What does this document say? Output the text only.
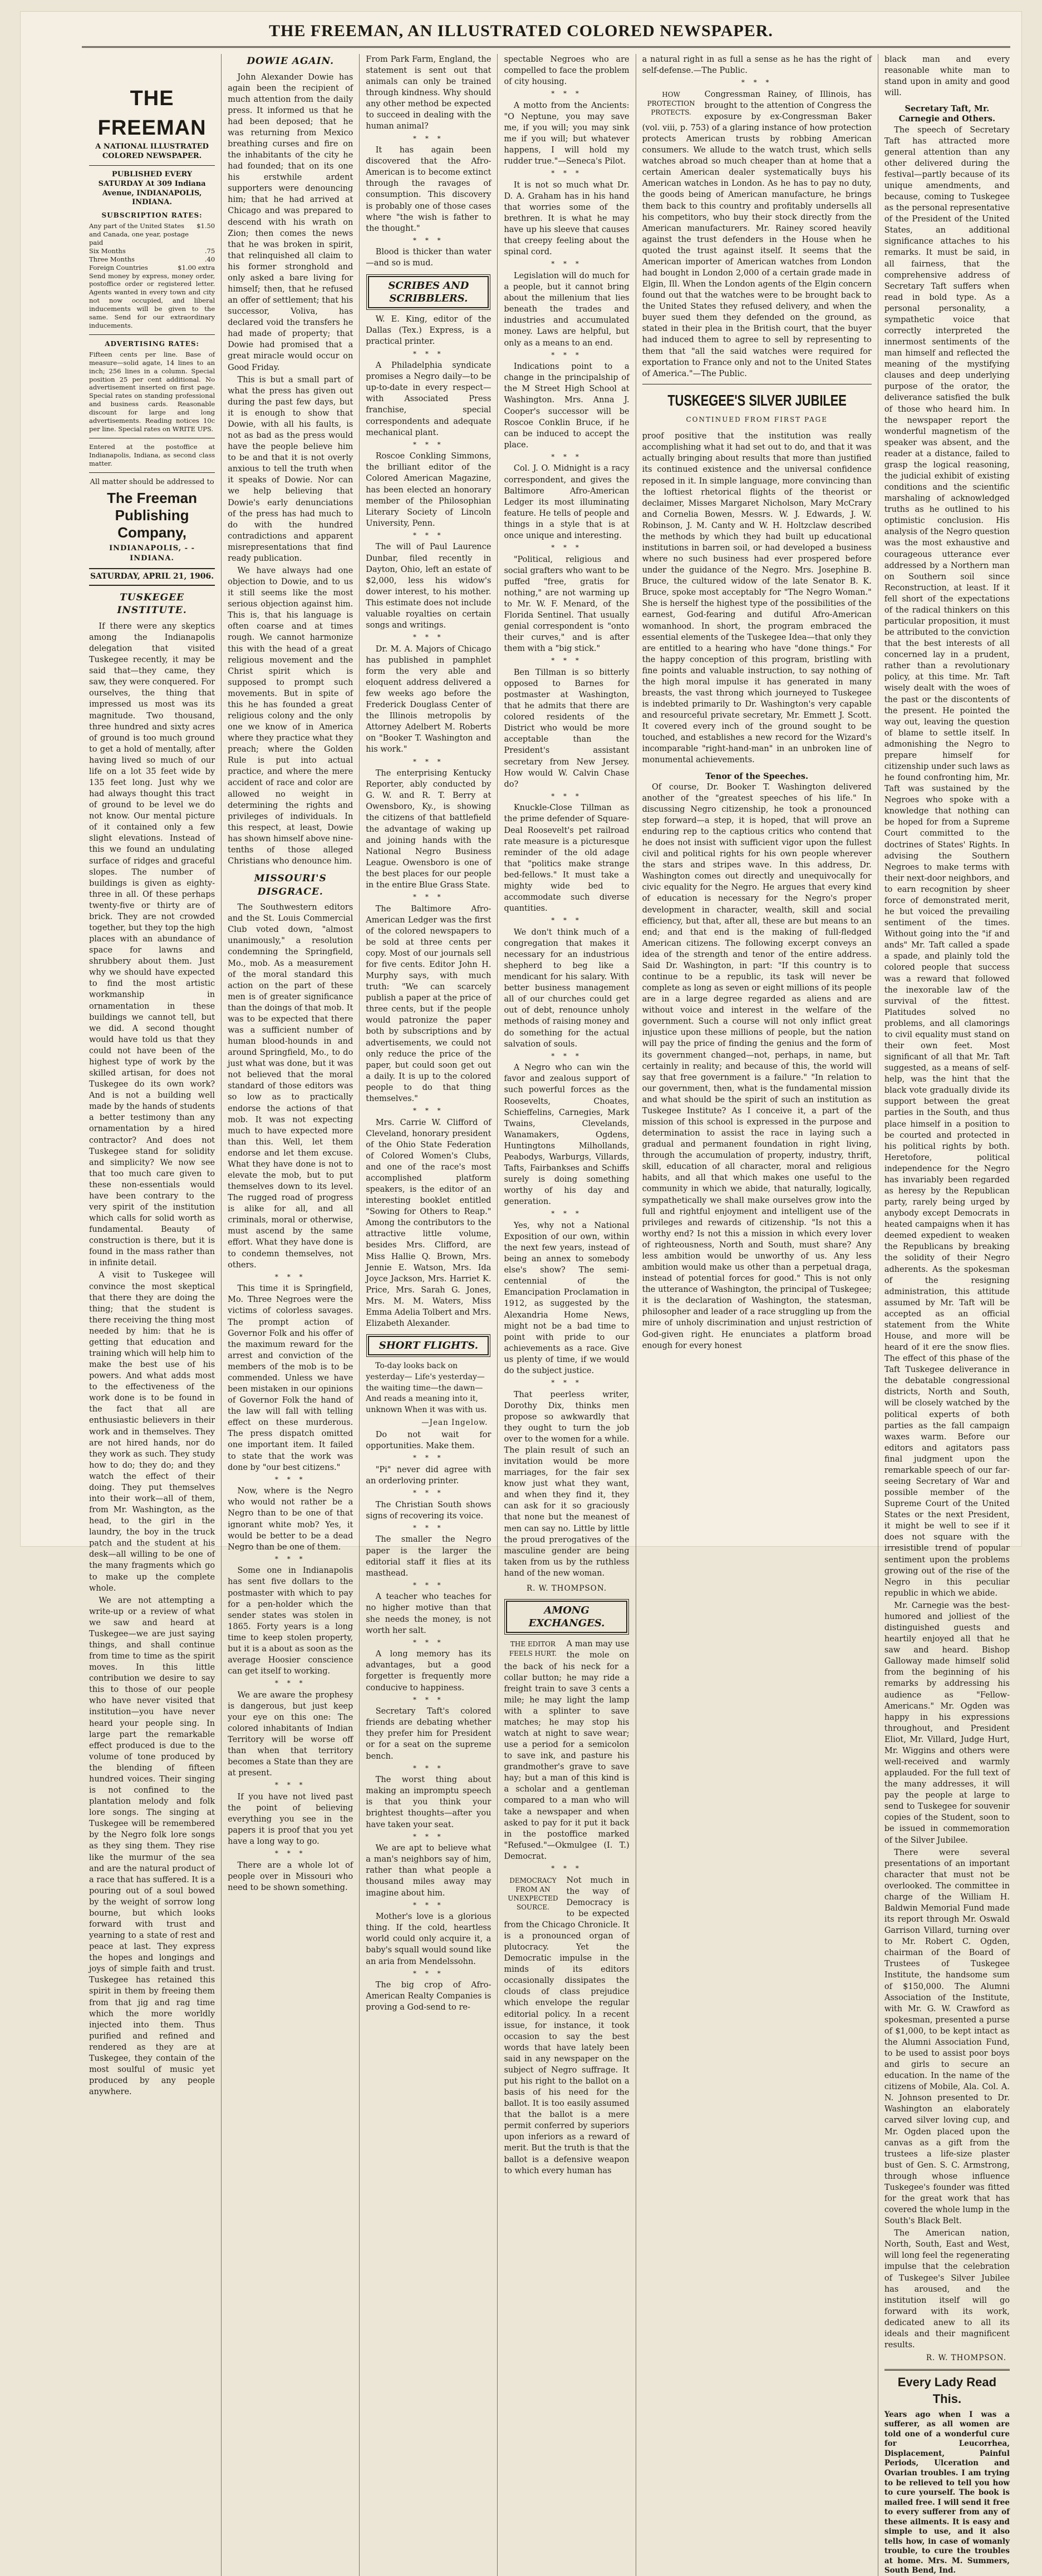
THE FREEMAN, AN ILLUSTRATED COLORED NEWSPAPER.
THE FREEMAN
A NATIONAL ILLUSTRATED COLORED NEWSPAPER.
PUBLISHED EVERY SATURDAY At 309 Indiana Avenue, INDIANAPOLIS, INDIANA.
SUBSCRIPTION RATES:
Any part of the United States and Canada, one year, postage paid
$1.50
Six Months	.75
Three Months	.40
Foreign Countries	$1.00 extra
Send money by express, money order, postoffice order or registered letter. Agents wanted in every town and city not now occupied, and liberal inducements will be given to the same. Send for our extraordinary inducements.
ADVERTISING RATES:
Fifteen cents per line. Base of measure—solid agate, 14 lines to an inch; 256 lines in a column. Special position 25 per cent additional. No advertisement inserted on first page. Special rates on standing professional and business cards. Reasonable discount for large and long advertisements. Reading notices 10c per line. Special rates on WRITE UPS.
Entered at the postoffice at Indianapolis, Indiana, as second class matter.
All matter should be addressed to
The Freeman Publishing Company,
INDIANAPOLIS, - - INDIANA.
SATURDAY, APRIL 21, 1906.
TUSKEGEE INSTITUTE.

If there were any skeptics among the Indianapolis delegation that visited Tuskegee recently, it may be said that—they came, they saw, they were conquered. For ourselves, the thing that impressed us most was its magnitude. Two thousand, three hundred and sixty acres of ground is too much ground to get a hold of mentally, after having lived so much of our life on a lot 35 feet wide by 135 feet long. Just why we had always thought this tract of ground to be level we do not know. Our mental picture of it contained only a few slight elevations. Instead of this we found an undulating surface of ridges and graceful slopes. The number of buildings is given as eighty-three in all. Of these perhaps twenty-five or thirty are of brick. They are not crowded together, but they top the high places with an abundance of space for lawns and shrubbery about them. Just why we should have expected to find the most artistic workmanship in ornamentation in these buildings we cannot tell, but we did. A second thought would have told us that they could not have been of the highest type of work by the skilled artisan, for does not Tuskegee do its own work? And is not a building well made by the hands of students a better testimony than any ornamentation by a hired contractor? And does not Tuskegee stand for solidity and simplicity? We now see that too much care given to these non-essentials would have been contrary to the very spirit of the institution which calls for solid worth as fundamental. Beauty of construction is there, but it is found in the mass rather than in infinite detail.

A visit to Tuskegee will convince the most skeptical that there they are doing the thing; that the student is there receiving the thing most needed by him: that he is getting that education and training which will help him to make the best use of his powers. And what adds most to the effectiveness of the work done is to be found in the fact that all are enthusiastic believers in their work and in themselves. They are not hired hands, nor do they work as such. They study how to do; they do; and they watch the effect of their doing. They put themselves into their work—all of them, from Mr. Washington, as the head, to the girl in the laundry, the boy in the truck patch and the student at his desk—all willing to be one of the many fragments which go to make up the complete whole.

We are not attempting a write-up or a review of what we saw and heard at Tuskegee—we are just saying things, and shall continue from time to time as the spirit moves. In this little contribution we desire to say this to those of our people who have never visited that institution—you have never heard your people sing. In large part the remarkable effect produced is due to the volume of tone produced by the blending of fifteen hundred voices. Their singing is not confined to the plantation melody and folk lore songs. The singing at Tuskegee will be remembered by the Negro folk lore songs as they sing them. They rise like the murmur of the sea and are the natural product of a race that has suffered. It is a pouring out of a soul bowed by the weight of sorrow long bourne, but which looks forward with trust and yearning to a state of rest and peace at last. They express the hopes and longings and joys of simple faith and trust. Tuskegee has retained this spirit in them by freeing them from that jig and rag time which the more worldly injected into them. Thus purified and refined and rendered as they are at Tuskegee, they contain of the most soulful of music yet produced by any people anywhere.

DOWIE AGAIN.

John Alexander Dowie has again been the recipient of much attention from the daily press. It informed us that he had been deposed; that he was returning from Mexico breathing curses and fire on the inhabitants of the city he had founded; that on its one his erstwhile ardent supporters were denouncing him; that he had arrived at Chicago and was prepared to descend with his wrath on Zion; then comes the news that he was broken in spirit, that relinquished all claim to his former stronghold and only asked a bare living for himself; then, that he refused an offer of settlement; that his successor, Voliva, has declared void the transfers he had made of property; that Dowie had promised that a great miracle would occur on Good Friday.

This is but a small part of what the press has given out during the past few days, but it is enough to show that Dowie, with all his faults, is not as bad as the press would have the people believe him to be and that it is not overly anxious to tell the truth when it speaks of Dowie. Nor can we help believing that Dowie's early denunciations of the press has had much to do with the hundred contradictions and apparent misrepresentations that find ready publication.

We have always had one objection to Dowie, and to us it still seems like the most serious objection against him. This is, that his language is often coarse and at times rough. We cannot harmonize this with the head of a great religious movement and the Christ spirit which is supposed to prompt such movements. But in spite of this he has founded a great religious colony and the only one we know of in America where they practice what they preach; where the Golden Rule is put into actual practice, and where the mere accident of race and color are allowed no weight in determining the rights and privileges of individuals. In this respect, at least, Dowie has shown himself above nine-tenths of those alleged Christians who denounce him.

MISSOURI'S DISGRACE.

The Southwestern editors and the St. Louis Commercial Club voted down, "almost unanimously," a resolution condemning the Springfield, Mo., mob. As a measurement of the moral standard this action on the part of these men is of greater significance than the doings of that mob. It was to be expected that there was a sufficient number of human blood-hounds in and around Springfield, Mo., to do just what was done, but it was not believed that the moral standard of those editors was so low as to practically endorse the actions of that mob. It was not expecting much to have expected more than this. Well, let them endorse and let them excuse. What they have done is not to elevate the mob, but to put themselves down to its level. The rugged road of progress is alike for all, and all criminals, moral or otherwise, must ascend by the same effort. What they have done is to condemn themselves, not others.

* * *

This time it is Springfield, Mo. Three Negroes were the victims of colorless savages. The prompt action of Governor Folk and his offer of the maximum reward for the arrest and conviction of the members of the mob is to be commended. Unless we have been mistaken in our opinions of Governor Folk the hand of the law will fall with telling effect on these murderous. The press dispatch omitted one important item. It failed to state that the work was done by "our best citizens."

* * *

Now, where is the Negro who would not rather be a Negro than to be one of that ignorant white mob? Yes, it would be better to be a dead Negro than be one of them.

* * *

Some one in Indianapolis has sent five dollars to the postmaster with which to pay for a pen-holder which the sender states was stolen in 1865. Forty years is a long time to keep stolen property, but it is a about as soon as the average Hoosier conscience can get itself to working.

* * *

We are aware the prophesy is dangerous, but just keep your eye on this one: The colored inhabitants of Indian Territory will be worse off than when that territory becomes a State than they are at present.

* * *

If you have not lived past the point of believing everything you see in the papers it is proof that you yet have a long way to go.

* * *

There are a whole lot of people over in Missouri who need to be shown something.

From Park Farm, England, the statement is sent out that animals can only be trained through kindness. Why should any other method be expected to succeed in dealing with the human animal?

* * *

It has again been discovered that the Afro-American is to become extinct through the ravages of consumption. This discovery is probably one of those cases where "the wish is father to the thought."

* * *

Blood is thicker than water—and so is mud.

SCRIBES AND SCRIBBLERS.

W. E. King, editor of the Dallas (Tex.) Express, is a practical printer.

* * *

A Philadelphia syndicate promises a Negro daily—to be up-to-date in every respect—with Associated Press franchise, special correspondents and adequate mechanical plant.

* * *

Roscoe Conkling Simmons, the brilliant editor of the Colored American Magazine, has been elected an honorary member of the Philosophian Literary Society of Lincoln University, Penn.

* * *

The will of Paul Laurence Dunbar, filed recently in Dayton, Ohio, left an estate of $2,000, less his widow's dower interest, to his mother. This estimate does not include valuable royalties on certain songs and writings.

* * *

Dr. M. A. Majors of Chicago has published in pamphlet form the very able and eloquent address delivered a few weeks ago before the Frederick Douglass Center of the Illinois metropolis by Attorney Adelbert M. Roberts on "Booker T. Washington and his work."

* * *

The enterprising Kentucky Reporter, ably conducted by G. W. and R. T. Berry at Owensboro, Ky., is showing the citizens of that battlefield the advantage of waking up and joining hands with the National Negro Business League. Owensboro is one of the best places for our people in the entire Blue Grass State.

* * *

The Baltimore Afro-American Ledger was the first of the colored newspapers to be sold at three cents per copy. Most of our journals sell for five cents. Editor John H. Murphy says, with much truth: "We can scarcely publish a paper at the price of three cents, but if the people would patronize the paper both by subscriptions and by advertisements, we could not only reduce the price of the paper, but could soon get out a daily. It is up to the colored people to do that thing themselves."

* * *

Mrs. Carrie W. Clifford of Cleveland, honorary president of the Ohio State Federation of Colored Women's Clubs, and one of the race's most accomplished platform speakers, is the editor of an interesting booklet entitled "Sowing for Others to Reap." Among the contributors to the attractive little volume, besides Mrs. Clifford, are Miss Hallie Q. Brown, Mrs. Jennie E. Watson, Mrs. Ida Joyce Jackson, Mrs. Harriet K. Price, Mrs. Sarah G. Jones, Mrs. M. M. Waters, Miss Emma Adelia Tolbert and Mrs. Elizabeth Alexander.

SHORT FLIGHTS.

To-day looks back on yesterday— Life's yesterday—the waiting time—the dawn— And reads a meaning into it, unknown When it was with us.

—Jean Ingelow.

Do not wait for opportunities. Make them.

* * *

"Pi" never did agree with an orderloving printer.

* * *

The Christian South shows signs of recovering its voice.

* * *

The smaller the Negro paper is the larger the editorial staff it flies at its masthead.

* * *

A teacher who teaches for no higher motive than that she needs the money, is not worth her salt.

* * *

A long memory has its advantages, but a good forgetter is frequently more conducive to happiness.

* * *

Secretary Taft's colored friends are debating whether they prefer him for President or for a seat on the supreme bench.

* * *

The worst thing about making an impromptu speech is that you think your brightest thoughts—after you have taken your seat.

* * *

We are apt to believe what a man's neighbors say of him, rather than what people a thousand miles away may imagine about him.

* * *

Mother's love is a glorious thing. If the cold, heartless world could only acquire it, a baby's squall would sound like an aria from Mendelssohn.

* * *

The big crop of Afro-American Realty Companies is proving a God-send to re-

spectable Negroes who are compelled to face the problem of city housing.

* * *

A motto from the Ancients: "O Neptune, you may save me, if you will; you may sink me if you will; but whatever happens, I will hold my rudder true."—Seneca's Pilot.

* * *

It is not so much what Dr. D. A. Graham has in his hand that worries some of the brethren. It is what he may have up his sleeve that causes that creepy feeling about the spinal cord.

* * *

Legislation will do much for a people, but it cannot bring about the millenium that lies beneath the trades and industries and accumulated money. Laws are helpful, but only as a means to an end.

* * *

Indications point to a change in the principalship of the M Street High School at Washington. Mrs. Anna J. Cooper's successor will be Roscoe Conklin Bruce, if he can be induced to accept the place.

* * *

Col. J. O. Midnight is a racy correspondent, and gives the Baltimore Afro-American Ledger its most illuminating feature. He tells of people and things in a style that is at once unique and interesting.

* * *

"Political, religious and social grafters who want to be puffed "free, gratis for nothing," are not warming up to Mr. W. F. Menard, of the Florida Sentinel. That usually genial correspondent is "onto their curves," and is after them with a "big stick."

* * *

Ben Tillman is so bitterly opposed to Barnes for postmaster at Washington, that he admits that there are colored residents of the District who would be more acceptable than the President's assistant secretary from New Jersey. How would W. Calvin Chase do?

* * *

Knuckle-Close Tillman as the prime defender of Square-Deal Roosevelt's pet railroad rate measure is a picturesque reminder of the old adage that "politics make strange bed-fellows." It must take a mighty wide bed to accommodate such diverse quantities.

* * *

We don't think much of a congregation that makes it necessary for an industrious shepherd to beg like a mendicant for his salary. With better business management all of our churches could get out of debt, renounce unholy methods of raising money and do something for the actual salvation of souls.

* * *

A Negro who can win the favor and zealous support of such powerful forces as the Roosevelts, Choates, Schieffelins, Carnegies, Mark Twains, Clevelands, Wanamakers, Ogdens, Huntingtons Milhollands, Peabodys, Warburgs, Villards, Tafts, Fairbankses and Schiffs surely is doing something worthy of his day and generation.

* * *

Yes, why not a National Exposition of our own, within the next few years, instead of being an annex to somebody else's show? The semi-centennial of the Emancipation Proclamation in 1912, as suggested by the Alexandria Home News, might not be a bad time to point with pride to our achievements as a race. Give us plenty of time, if we would do the subject justice.

* * *

That peerless writer, Dorothy Dix, thinks men propose so awkwardly that they ought to turn the job over to the women for a while. The plain result of such an invitation would be more marriages, for the fair sex know just what they want, and when they find it, they can ask for it so graciously that none but the meanest of men can say no. Little by little the proud prerogatives of the masculine gender are being taken from us by the ruthless hand of the new woman.

R. W. THOMPSON.
AMONG EXCHANGES.

THE EDITOR FEELS HURT.
A man may use the mole on the back of his neck for a collar button; he may ride a freight train to save 3 cents a mile; he may light the lamp with a splinter to save matches; he may stop his watch at night to save wear; use a period for a semicolon to save ink, and pasture his grandmother's grave to save hay; but a man of this kind is a scholar and a gentleman compared to a man who will take a newspaper and when asked to pay for it put it back in the postoffice marked "Refused."—Okmulgee (I. T.) Democrat.

* * *

DEMOCRACY FROM AN UNEXPECTED SOURCE.
Not much in the way of Democracy is to be expected from the Chicago Chronicle. It is a pronounced organ of plutocracy. Yet the Democratic impulse in the minds of its editors occasionally dissipates the clouds of class prejudice which envelope the regular editorial policy. In a recent issue, for instance, it took occasion to say the best words that have lately been said in any newspaper on the subject of Negro suffrage. It put his right to the ballot on a basis of his need for the ballot. It is too easily assumed that the ballot is a mere permit conferred by superiors upon inferiors as a reward of merit. But the truth is that the ballot is a defensive weapon to which every human has

a natural right in as full a sense as he has the right of self-defense.—The Public.

* * *

HOW PROTECTION PROTECTS.
Congressman Rainey, of Illinois, has brought to the attention of Congress the exposure by ex-Congressman Baker (vol. viii, p. 753) of a glaring instance of how protection protects American trusts by robbing American consumers. We allude to the watch trust, which sells watches abroad so much cheaper than at home that a certain American dealer systematically buys his American watches in London. As he has to pay no duty, the goods being of American manufacture, he brings them back to this country and profitably undersells all his competitors, who buy their stock directly from the American manufacturers. Mr. Rainey scored heavily against the trust defenders in the House when he quoted the trust against itself. It seems that the American importer of American watches from London had bought in London 2,000 of a certain grade made in Elgin, Ill. When the London agents of the Elgin concern found out that the watches were to be brought back to the United States they refused delivery, and when the buyer sued them they defended on the ground, as stated in their plea in the British court, that the buyer had induced them to agree to sell by representing to them that "all the said watches were required for exportation to France only and not to the United States of America."—The Public.

TUSKEGEE'S SILVER JUBILEE
CONTINUED FROM FIRST PAGE

proof positive that the institution was really accomplishing what it had set out to do, and that it was actually bringing about results that more than justified its continued existence and the universal confidence reposed in it. In simple language, more convincing than the loftiest rhetorical flights of the theorist or declaimer, Misses Margaret Nicholson, Mary McCrary and Cornelia Bowen, Messrs. W. J. Edwards, J. W. Robinson, J. M. Canty and W. H. Holtzclaw described the methods by which they had built up educational institutions in barren soil, or had developed a business where no such business had ever prospered before under the guidance of the Negro. Mrs. Josephine B. Bruce, the cultured widow of the late Senator B. K. Bruce, spoke most acceptably for "The Negro Woman." She is herself the highest type of the possibilities of the earnest, God-fearing and dutiful Afro-American womanhood. In short, the program embraced the essential elements of the Tuskegee Idea—that only they are entitled to a hearing who have "done things." For the happy conception of this program, bristling with fine points and valuable instruction, to say nothing of the high moral impulse it has generated in many breasts, the vast throng which journeyed to Tuskegee is indebted primarily to Dr. Washington's very capable and resourceful private secretary, Mr. Emmett J. Scott. It covered every inch of the ground sought to be touched, and establishes a new record for the Wizard's incomparable "right-hand-man" in an unbroken line of monumental achievements.

Tenor of the Speeches.

Of course, Dr. Booker T. Washington delivered another of the "greatest speeches of his life." In discussing Negro citizenship, he took a pronounced step forward—a step, it is hoped, that will prove an enduring rep to the captious critics who contend that he does not insist with sufficient vigor upon the fullest civil and political rights for his own people wherever the stars and stripes wave. In this address, Dr. Washington comes out directly and unequivocally for civic equality for the Negro. He argues that every kind of education is necessary for the Negro's proper development in character, wealth, skill and social efficiency, but that, after all, these are but means to an end; and that end is the making of full-fledged American citizens. The following excerpt conveys an idea of the strength and tenor of the entire address. Said Dr. Washington, in part: "If this country is to continue to be a republic, its task will never be complete as long as seven or eight millions of its people are in a large degree regarded as aliens and are without voice and interest in the welfare of the government. Such a course will not only inflict great injustice upon these millions of people, but the nation will pay the price of finding the genius and the form of its government changed—not, perhaps, in name, but certainly in reality; and because of this, the world will say that free government is a failure." "In relation to our government, then, what is the fundamental mission and what should be the spirit of such an institution as Tuskegee Institute? As I conceive it, a part of the mission of this school is expressed in the purpose and determination to assist the race in laying such a gradual and permanent foundation in right living, through the accumulation of property, industry, thrift, skill, education of all character, moral and religious habits, and all that which makes one useful to the community in which we abide, that naturally, logically, sympathetically we shall make ourselves grow into the full and rightful enjoyment and intelligent use of the privileges and rewards of citizenship. "Is not this a worthy end? Is not this a mission in which every lover of righteousness, North and South, must share? Any less ambition would be unworthy of us. Any less ambition would make us other than a perpetual draga, instead of potential forces for good." This is not only the utterance of Washington, the principal of Tuskegee; it is the declaration of Washington, the statesman, philosopher and leader of a race struggling up from the mire of unholy discrimination and unjust restriction of God-given right. He enunciates a platform broad enough for every honest

black man and every reasonable white man to stand upon in amity and good will.

Secretary Taft, Mr. Carnegie and Others.

The speech of Secretary Taft has attracted more general attention than any other delivered during the festival—partly because of its unique amendments, and because, coming to Tuskegee as the personal representative of the President of the United States, an additional significance attaches to his remarks. It must be said, in all fairness, that the comprehensive address of Secretary Taft suffers when read in bold type. As a personal personality, a sympathetic voice that correctly interpreted the innermost sentiments of the man himself and reflected the meaning of the mystifying clauses and deep underlying purpose of the orator, the deliverance satisfied the bulk of those who heard him. In the newspaper report the wonderful magnetism of the speaker was absent, and the reader at a distance, failed to grasp the logical reasoning, the judicial exhibit of existing conditions and the scientific marshaling of acknowledged truths as he outlined to his optimistic conclusion. His analysis of the Negro question was the most exhaustive and courageous utterance ever addressed by a Northern man on Southern soil since Reconstruction, at least. If it fell short of the expectations of the radical thinkers on this particular proposition, it must be attributed to the conviction that the best interests of all concerned lay in a prudent, rather than a revolutionary policy, at this time. Mr. Taft wisely dealt with the woes of the past or the discontents of the present. He pointed the way out, leaving the question of blame to settle itself. In admonishing the Negro to prepare himself for citizenship under such laws as he found confronting him, Mr. Taft was sustained by the Negroes who spoke with a knowledge that nothing can be hoped for from a Supreme Court committed to the doctrines of States' Rights. In advising the Southern Negroes to make terms with their next-door neighbors, and to earn recognition by sheer force of demonstrated merit, he but voiced the prevailing sentiment of the times. Without going into the "if and ands" Mr. Taft called a spade a spade, and plainly told the colored people that success was a reward that followed the inexorable law of the survival of the fittest. Platitudes solved no problems, and all clamorings to civil equality must stand on their own feet. Most significant of all that Mr. Taft suggested, as a means of self-help, was the hint that the black vote gradually divide its support between the great parties in the South, and thus place himself in a position to be courted and protected in his political rights by both. Heretofore, political independence for the Negro has invariably been regarded as heresy by the Republican party, rarely being urged by anybody except Democrats in heated campaigns when it has deemed expedient to weaken the Republicans by breaking the solidity of their Negro adherents. As the spokesman of the resigning administration, this attitude assumed by Mr. Taft will be accepted as an official statement from the White House, and more will be heard of it ere the snow flies. The effect of this phase of the Taft Tuskegee deliverance in the debatable congressional districts, North and South, will be closely watched by the political experts of both parties as the fall campaign waxes warm. Before our editors and agitators pass final judgment upon the remarkable speech of our far-seeing Secretary of War and possible member of the Supreme Court of the United States or the next President, it might be well to see if it does not square with the irresistible trend of popular sentiment upon the problems growing out of the rise of the Negro in this peculiar republic in which we abide.

Mr. Carnegie was the best-humored and jolliest of the distinguished guests and heartily enjoyed all that he saw and heard. Bishop Galloway made himself solid from the beginning of his remarks by addressing his audience as "Fellow-Americans." Mr. Ogden was happy in his expressions throughout, and President Eliot, Mr. Villard, Judge Hurt, Mr. Wiggins and others were well-received and warmly applauded. For the full text of the many addresses, it will pay the people at large to send to Tuskegee for souvenir copies of the Student, soon to be issued in commemoration of the Silver Jubilee.

There were several presentations of an important character that must not be overlooked. The committee in charge of the William H. Baldwin Memorial Fund made its report through Mr. Oswald Garrison Villard, turning over to Mr. Robert C. Ogden, chairman of the Board of Trustees of Tuskegee Institute, the handsome sum of $150,000. The Alumni Association of the Institute, with Mr. G. W. Crawford as spokesman, presented a purse of $1,000, to be kept intact as the Alumni Association Fund, to be used to assist poor boys and girls to secure an education. In the name of the citizens of Mobile, Ala. Col. A. N. Johnson presented to Dr. Washington an elaborately carved silver loving cup, and Mr. Ogden placed upon the canvas as a gift from the trustees a life-size plaster bust of Gen. S. C. Armstrong, through whose influence Tuskegee's founder was fitted for the great work that has covered the whole lump in the South's Black Belt.

The American nation, North, South, East and West, will long feel the regenerating impulse that the celebration of Tuskegee's Silver Jubilee has aroused, and the institution itself will go forward with its work, dedicated anew to all its ideals and their magnificent results.

R. W. THOMPSON.
Every Lady Read This.
Years ago when I was a sufferer, as all women are told one of a wonderful cure for Leucorrhea, Displacement, Painful Periods, Ulceration and Ovarian troubles. I am trying to be relieved to tell you how to cure yourself. The book is mailed free. I will send it free to every sufferer from any of these ailments. It is easy and simple to use, and it also tells how, in case of womanly trouble, to cure the troubles at home. Mrs. M. Summers, South Bend, Ind.
